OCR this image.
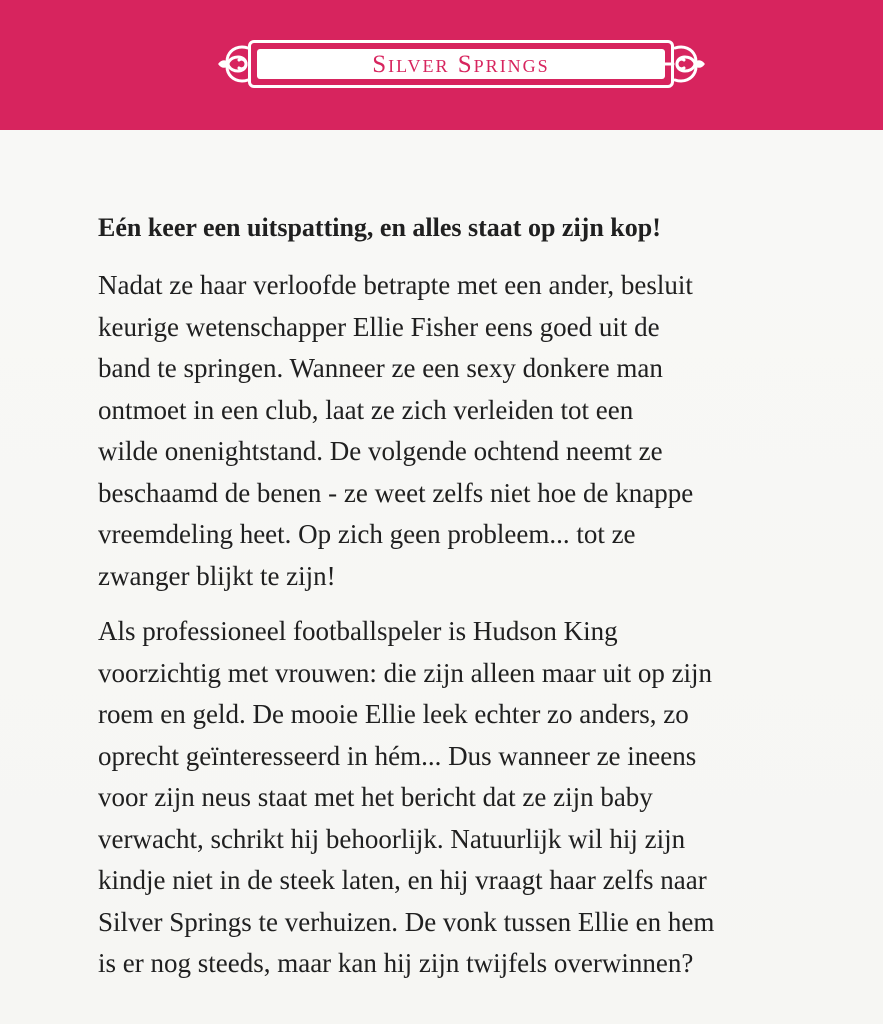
Silver Springs
Eén keer een uitspatting, en alles staat op zijn kop!

Nadat ze haar verloofde betrapte met een ander, besluit
keurige wetenschapper Ellie Fisher eens goed uit de
band te springen. Wanneer ze een sexy donkere man
ontmoet in een club, laat ze zich verleiden tot een
wilde onenightstand. De volgende ochtend neemt ze
beschaamd de benen - ze weet zelfs niet hoe de knappe
vreemdeling heet. Op zich geen probleem... tot ze
zwanger blijkt te zijn!

Als professioneel footballspeler is Hudson King
voorzichtig met vrouwen: die zijn alleen maar uit op zijn
roem en geld. De mooie Ellie leek echter zo anders, zo
oprecht geïnteresseerd in hém... Dus wanneer ze ineens
voor zijn neus staat met het bericht dat ze zijn baby
verwacht, schrikt hij behoorlijk. Natuurlijk wil hij zijn
kindje niet in de steek laten, en hij vraagt haar zelfs naar
Silver Springs te verhuizen. De vonk tussen Ellie en hem
is er nog steeds, maar kan hij zijn twijfels overwinnen?
